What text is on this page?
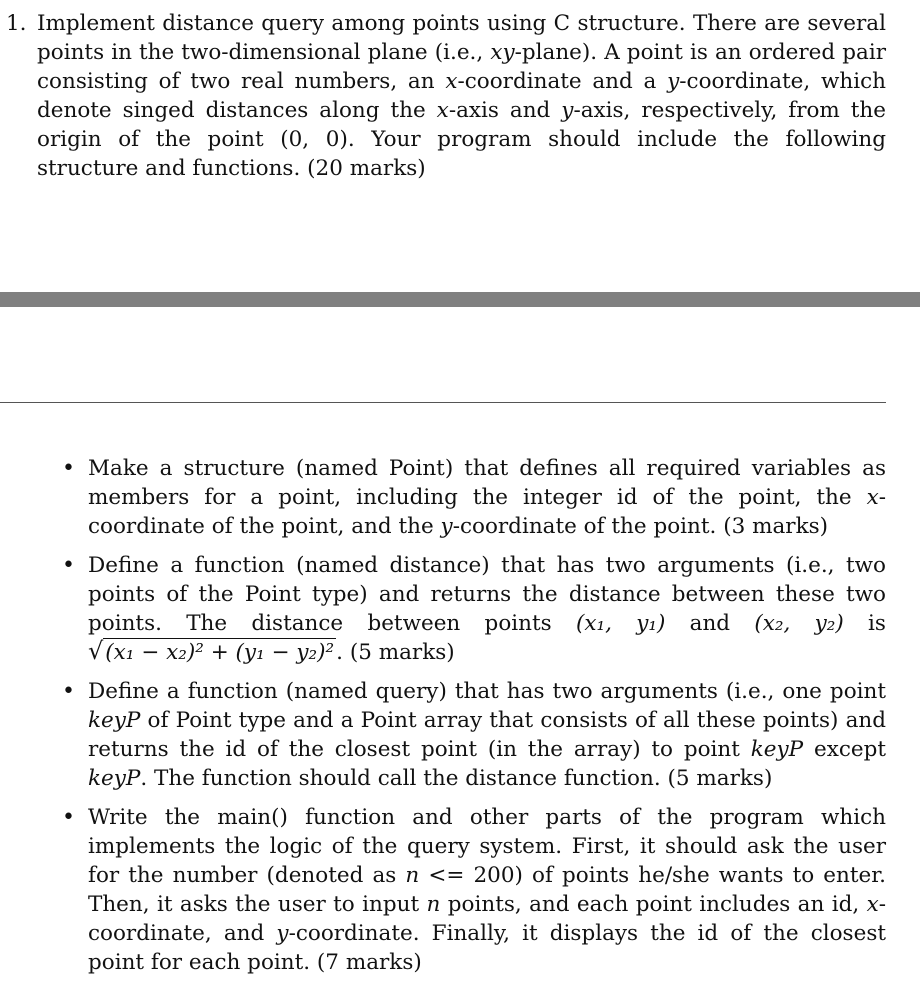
1. Implement distance query among points using C structure. There are several points in the two-dimensional plane (i.e., xy-plane). A point is an ordered pair consisting of two real numbers, an x-coordinate and a y-coordinate, which denote singed distances along the x-axis and y-axis, respectively, from the origin of the point (0, 0). Your program should include the following structure and functions. (20 marks)
• Make a structure (named Point) that defines all required variables as members for a point, including the integer id of the point, the x-coordinate of the point, and the y-coordinate of the point. (3 marks)
• Define a function (named distance) that has two arguments (i.e., two points of the Point type) and returns the distance between these two points. The distance between points (x₁, y₁) and (x₂, y₂) is
√ (x₁ − x₂)² + (y₁ − y₂)² . (5 marks)
• Define a function (named query) that has two arguments (i.e., one point keyP of Point type and a Point array that consists of all these points) and returns the id of the closest point (in the array) to point keyP except keyP. The function should call the distance function. (5 marks)
• Write the main() function and other parts of the program which implements the logic of the query system. First, it should ask the user for the number (denoted as n <= 200) of points he/she wants to enter. Then, it asks the user to input n points, and each point includes an id, x-coordinate, and y-coordinate. Finally, it displays the id of the closest point for each point. (7 marks)
